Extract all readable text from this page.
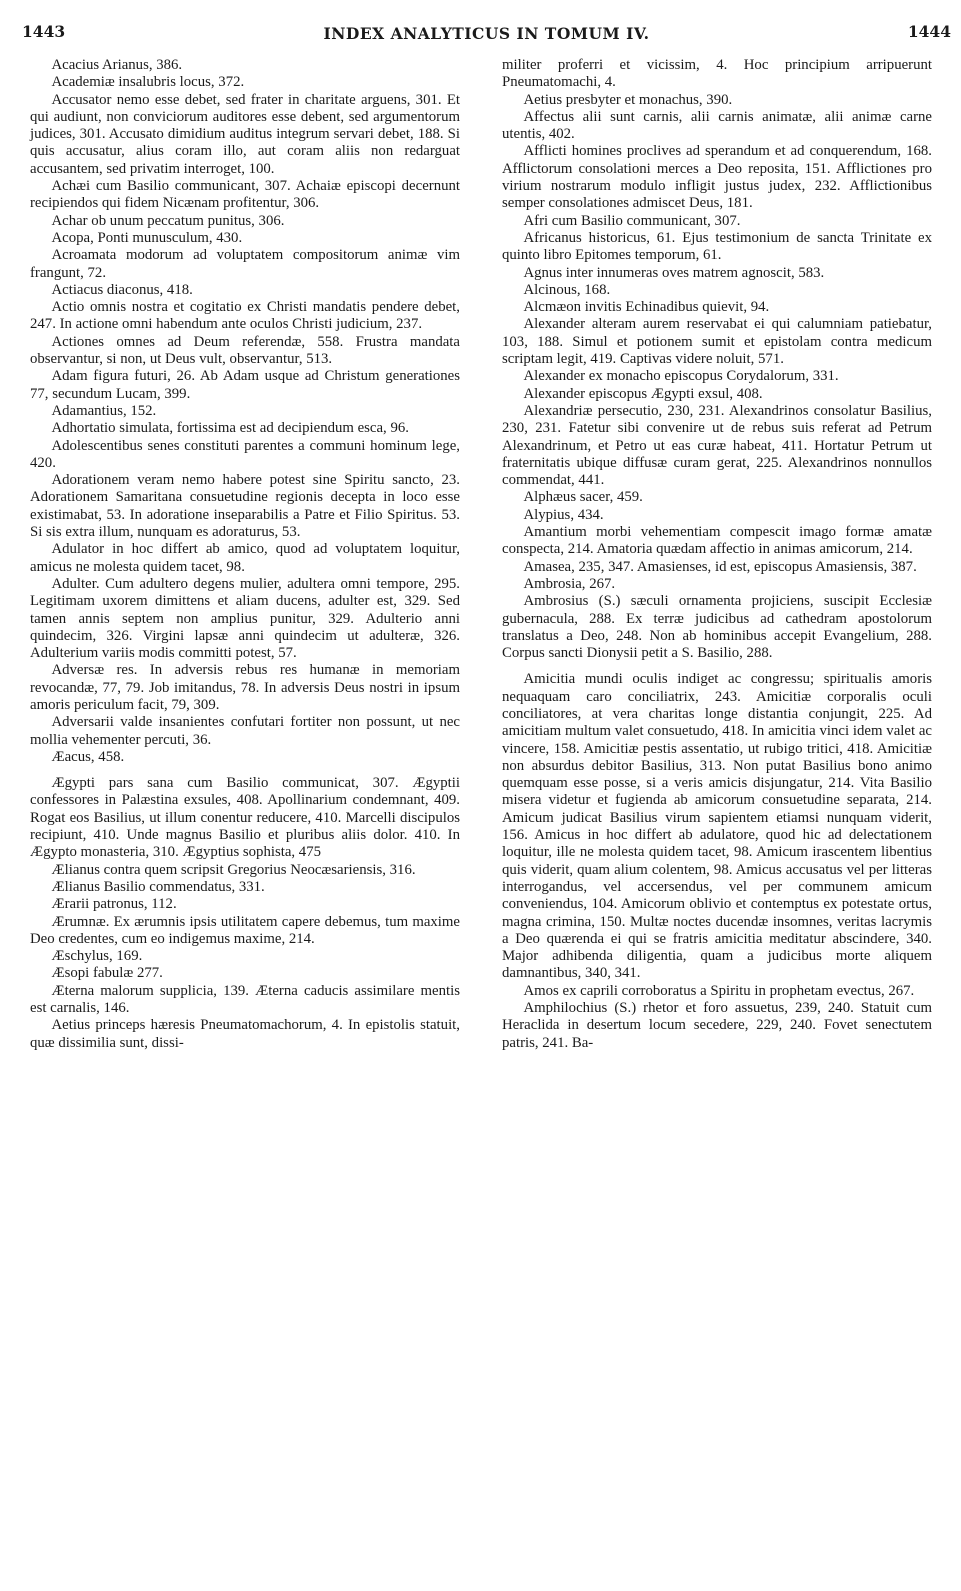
1443	INDEX ANALYTICUS IN TOMUM IV.	1444

Acacius Arianus, 386.

Academiæ insalubris locus, 372.

Accusator nemo esse debet, sed frater in charitate arguens, 301. Et qui audiunt, non conviciorum auditores esse debent, sed argumentorum judices, 301. Accusato dimidium auditus integrum servari debet, 188. Si quis accusatur, alius coram illo, aut coram aliis non redarguat accusantem, sed privatim interroget, 100.

Achæi cum Basilio communicant, 307. Achaiæ episcopi decernunt recipiendos qui fidem Nicænam profitentur, 306.

Achar ob unum peccatum punitus, 306.

Acopa, Ponti munusculum, 430.

Acroamata modorum ad voluptatem compositorum animæ vim frangunt, 72.

Actiacus diaconus, 418.

Actio omnis nostra et cogitatio ex Christi mandatis pendere debet, 247. In actione omni habendum ante oculos Christi judicium, 237.

Actiones omnes ad Deum referendæ, 558. Frustra mandata observantur, si non, ut Deus vult, observantur, 513.

Adam figura futuri, 26. Ab Adam usque ad Christum generationes 77, secundum Lucam, 399.

Adamantius, 152.

Adhortatio simulata, fortissima est ad decipiendum esca, 96.

Adolescentibus senes constituti parentes a communi hominum lege, 420.

Adorationem veram nemo habere potest sine Spiritu sancto, 23. Adorationem Samaritana consuetudine regionis decepta in loco esse existimabat, 53. In adoratione inseparabilis a Patre et Filio Spiritus. 53. Si sis extra illum, nunquam es adoraturus, 53.

Adulator in hoc differt ab amico, quod ad voluptatem loquitur, amicus ne molesta quidem tacet, 98.

Adulter. Cum adultero degens mulier, adultera omni tempore, 295. Legitimam uxorem dimittens et aliam ducens, adulter est, 329. Sed tamen annis septem non amplius punitur, 329. Adulterio anni quindecim, 326. Virgini lapsæ anni quindecim ut adulteræ, 326. Adulterium variis modis committi potest, 57.

Adversæ res. In adversis rebus res humanæ in memoriam revocandæ, 77, 79. Job imitandus, 78. In adversis Deus nostri in ipsum amoris periculum facit, 79, 309.

Adversarii valde insanientes confutari fortiter non possunt, ut nec mollia vehementer percuti, 36.

Æacus, 458.

Ægypti pars sana cum Basilio communicat, 307. Ægyptii confessores in Palæstina exsules, 408. Apollinarium condemnant, 409. Rogat eos Basilius, ut illum conentur reducere, 410. Marcelli discipulos recipiunt, 410. Unde magnus Basilio et pluribus aliis dolor. 410. In Ægypto monasteria, 310. Ægyptius sophista, 475

Ælianus contra quem scripsit Gregorius Neocæsariensis, 316.

Ælianus Basilio commendatus, 331.

Ærarii patronus, 112.

Ærumnæ. Ex ærumnis ipsis utilitatem capere debemus, tum maxime Deo credentes, cum eo indigemus maxime, 214.

Æschylus, 169.

Æsopi fabulæ 277.

Æterna malorum supplicia, 139. Æterna caducis assimilare mentis est carnalis, 146.

Aetius princeps hæresis Pneumatomachorum, 4. In epistolis statuit, quæ dissimilia sunt, dissi-

militer proferri et vicissim, 4. Hoc principium arripuerunt Pneumatomachi, 4.

Aetius presbyter et monachus, 390.

Affectus alii sunt carnis, alii carnis animatæ, alii animæ carne utentis, 402.

Afflicti homines proclives ad sperandum et ad conquerendum, 168. Afflictorum consolationi merces a Deo reposita, 151. Afflictiones pro virium nostrarum modulo infligit justus judex, 232. Afflictionibus semper consolationes admiscet Deus, 181.

Afri cum Basilio communicant, 307.

Africanus historicus, 61. Ejus testimonium de sancta Trinitate ex quinto libro Epitomes temporum, 61.

Agnus inter innumeras oves matrem agnoscit, 583.

Alcinous, 168.

Alcmæon invitis Echinadibus quievit, 94.

Alexander alteram aurem reservabat ei qui calumniam patiebatur, 103, 188. Simul et potionem sumit et epistolam contra medicum scriptam legit, 419. Captivas videre noluit, 571.

Alexander ex monacho episcopus Corydalorum, 331.

Alexander episcopus Ægypti exsul, 408.

Alexandriæ persecutio, 230, 231. Alexandrinos consolatur Basilius, 230, 231. Fatetur sibi convenire ut de rebus suis referat ad Petrum Alexandrinum, et Petro ut eas curæ habeat, 411. Hortatur Petrum ut fraternitatis ubique diffusæ curam gerat, 225. Alexandrinos nonnullos commendat, 441.

Alphæus sacer, 459.

Alypius, 434.

Amantium morbi vehementiam compescit imago formæ amatæ conspecta, 214. Amatoria quædam affectio in animas amicorum, 214.

Amasea, 235, 347. Amasienses, id est, episcopus Amasiensis, 387.

Ambrosia, 267.

Ambrosius (S.) sæculi ornamenta projiciens, suscipit Ecclesiæ gubernacula, 288. Ex terræ judicibus ad cathedram apostolorum translatus a Deo, 248. Non ab hominibus accepit Evangelium, 288. Corpus sancti Dionysii petit a S. Basilio, 288.

Amicitia mundi oculis indiget ac congressu; spiritualis amoris nequaquam caro conciliatrix, 243. Amicitiæ corporalis oculi conciliatores, at vera charitas longe distantia conjungit, 225. Ad amicitiam multum valet consuetudo, 418. In amicitia vinci idem valet ac vincere, 158. Amicitiæ pestis assentatio, ut rubigo tritici, 418. Amicitiæ non absurdus debitor Basilius, 313. Non putat Basilius bono animo quemquam esse posse, si a veris amicis disjungatur, 214. Vita Basilio misera videtur et fugienda ab amicorum consuetudine separata, 214. Amicum judicat Basilius virum sapientem etiamsi nunquam viderit, 156. Amicus in hoc differt ab adulatore, quod hic ad delectationem loquitur, ille ne molesta quidem tacet, 98. Amicum irascentem libentius quis viderit, quam alium colentem, 98. Amicus accusatus vel per litteras interrogandus, vel accersendus, vel per communem amicum conveniendus, 104. Amicorum oblivio et contemptus ex potestate ortus, magna crimina, 150. Multæ noctes ducendæ insomnes, veritas lacrymis a Deo quærenda ei qui se fratris amicitia meditatur abscindere, 340. Major adhibenda diligentia, quam a judicibus morte aliquem damnantibus, 340, 341.

Amos ex caprili corroboratus a Spiritu in prophetam evectus, 267.

Amphilochius (S.) rhetor et foro assuetus, 239, 240. Statuit cum Heraclida in desertum locum secedere, 229, 240. Fovet senectutem patris, 241. Ba-
